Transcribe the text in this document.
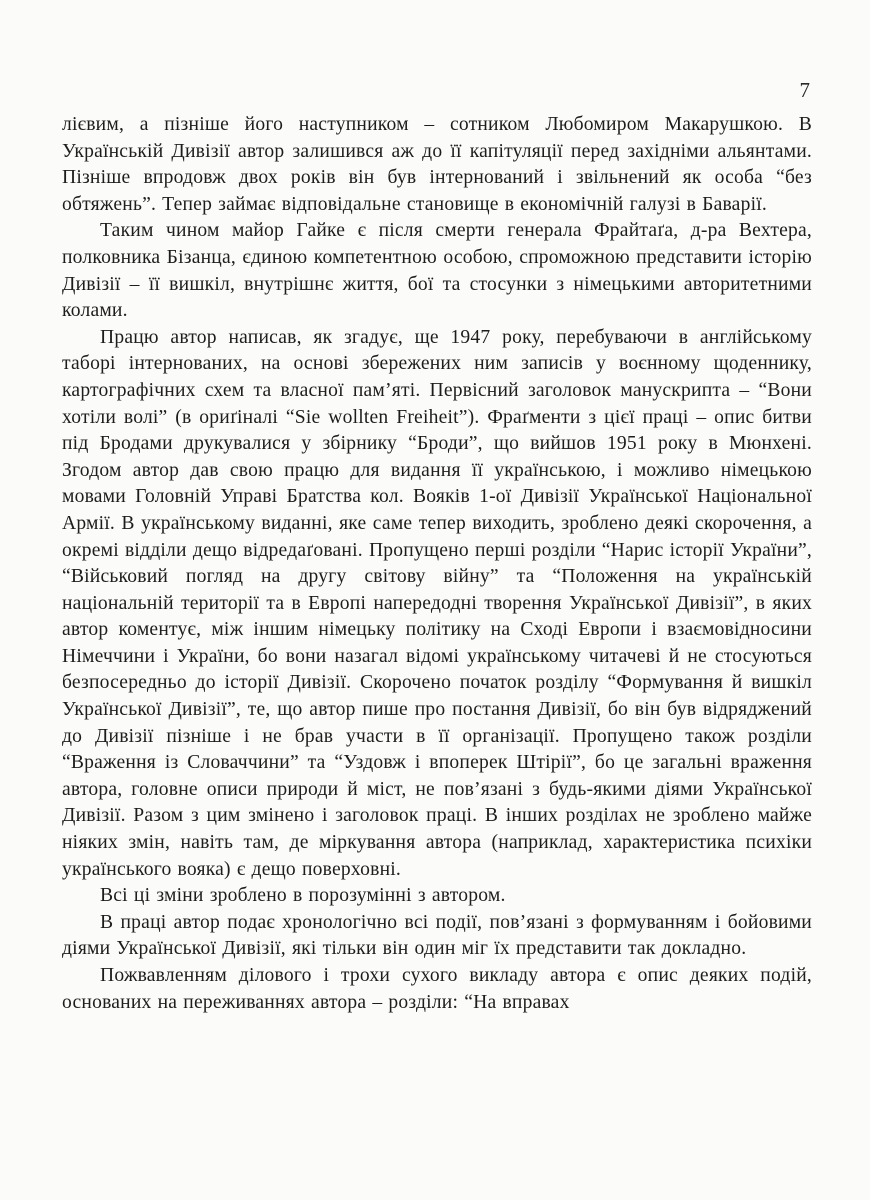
7

лієвим, а пізніше його наступником – сотником Любомиром Макарушкою. В Українській Дивізії автор залишився аж до її капітуляції перед західніми альянтами. Пізніше впродовж двох років він був інтернований і звільнений як особа “без обтяжень”. Тепер займає відповідальне становище в економічній галузі в Баварії.

Таким чином майор Гайке є після смерти генерала Фрайтаґа, д-ра Вехтера, полковника Бізанца, єдиною компетентною особою, спроможною представити історію Дивізії – її вишкіл, внутрішнє життя, бої та стосунки з німецькими авторитетними колами.

Працю автор написав, як згадує, ще 1947 року, перебуваючи в англійському таборі інтернованих, на основі збережених ним записів у воєнному щоденнику, картографічних схем та власної пам’яті. Первісний заголовок манускрипта – “Вони хотіли волі” (в ориґіналі “Sie wollten Freiheit”). Фраґменти з цієї праці – опис битви під Бродами друкувалися у збірнику “Броди”, що вийшов 1951 року в Мюнхені. Згодом автор дав свою працю для видання її українською, і можливо німецькою мовами Головній Управі Братства кол. Вояків 1-ої Дивізії Української Національної Армії. В українському виданні, яке саме тепер виходить, зроблено деякі скорочення, а окремі відділи дещо відредаґовані. Пропущено перші розділи “Нарис історії України”, “Військовий погляд на другу світову війну” та “Положення на українській національній території та в Европі напередодні творення Української Дивізії”, в яких автор коментує, між іншим німецьку політику на Сході Европи і взаємовідносини Німеччини і України, бо вони назагал відомі українському читачеві й не стосуються безпосередньо до історії Дивізії. Скорочено початок розділу “Формування й вишкіл Української Дивізії”, те, що автор пише про постання Дивізії, бо він був відряджений до Дивізії пізніше і не брав участи в її організації. Пропущено також розділи “Враження із Словаччини” та “Уздовж і впоперек Штірії”, бо це загальні враження автора, головне описи природи й міст, не пов’язані з будь-якими діями Української Дивізії. Разом з цим змінено і заголовок праці. В інших розділах не зроблено майже ніяких змін, навіть там, де міркування автора (наприклад, характеристика психіки українського вояка) є дещо поверховні.

Всі ці зміни зроблено в порозумінні з автором.

В праці автор подає хронологічно всі події, пов’язані з формуванням і бойовими діями Української Дивізії, які тільки він один міг їх представити так докладно.

Пожвавленням ділового і трохи сухого викладу автора є опис деяких подій, основаних на переживаннях автора – розділи: “На вправах
